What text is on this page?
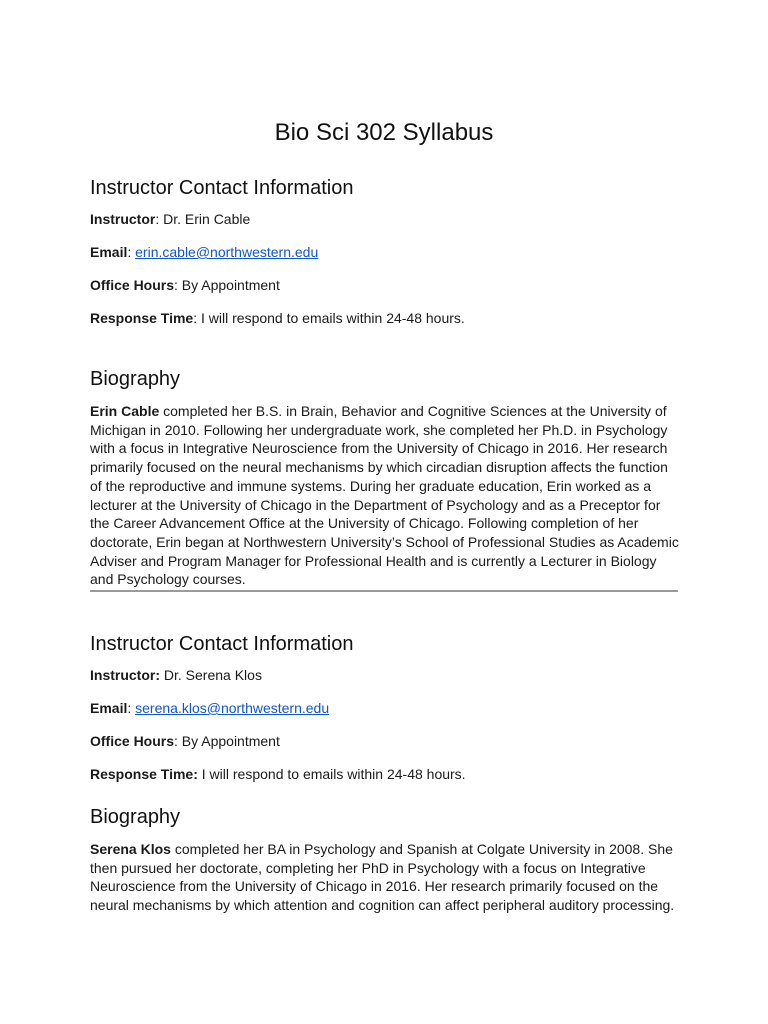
Bio Sci 302 Syllabus
Instructor Contact Information

Instructor: Dr. Erin Cable

Email: erin.cable@northwestern.edu

Office Hours: By Appointment

Response Time: I will respond to emails within 24-48 hours.

Biography

Erin Cable completed her B.S. in Brain, Behavior and Cognitive Sciences at the University of Michigan in 2010. Following her undergraduate work, she completed her Ph.D. in Psychology with a focus in Integrative Neuroscience from the University of Chicago in 2016. Her research primarily focused on the neural mechanisms by which circadian disruption affects the function of the reproductive and immune systems. During her graduate education, Erin worked as a lecturer at the University of Chicago in the Department of Psychology and as a Preceptor for the Career Advancement Office at the University of Chicago. Following completion of her doctorate, Erin began at Northwestern University’s School of Professional Studies as Academic Adviser and Program Manager for Professional Health and is currently a Lecturer in Biology and Psychology courses.

Instructor Contact Information

Instructor: Dr. Serena Klos

Email: serena.klos@northwestern.edu

Office Hours: By Appointment

Response Time: I will respond to emails within 24-48 hours.

Biography

Serena Klos completed her BA in Psychology and Spanish at Colgate University in 2008. She then pursued her doctorate, completing her PhD in Psychology with a focus on Integrative Neuroscience from the University of Chicago in 2016. Her research primarily focused on the neural mechanisms by which attention and cognition can affect peripheral auditory processing.
